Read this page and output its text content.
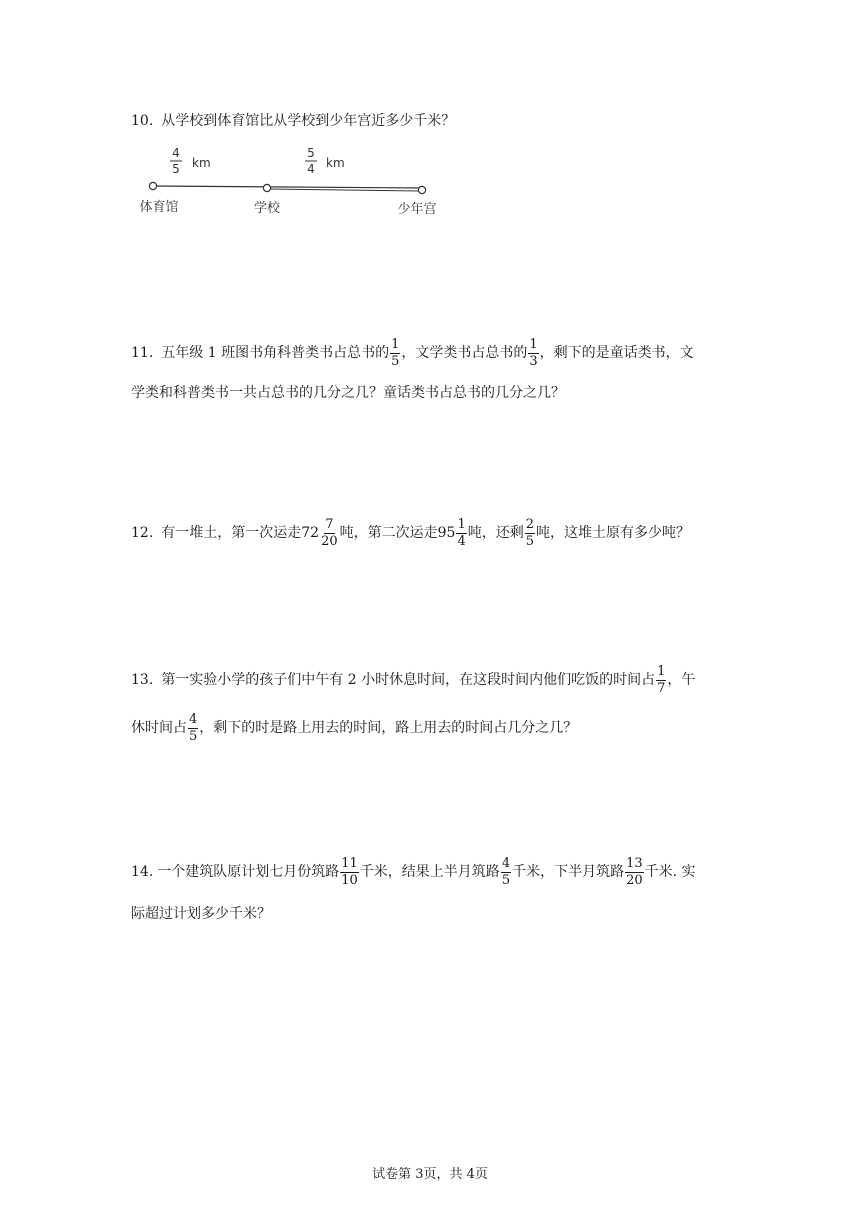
10. 从学校到体育馆比从学校到少年宫近多少千米？
4
5 km
5
4 km
体育馆	学校	少年宫
11. 五年级 1 班图书角科普类书占总书的 $\frac{1}{5}$ ，文学类书占总书的 $\frac{1}{3}$ ，剩下的是童话类书，文
学类和科普类书一共占总书的几分之几？童话类书占总书的几分之几？
12. 有一堆土，第一次运走 $72 \frac{7}{20}$ 吨，第二次运走 $95 \frac{1}{4}$ 吨，还剩 $\frac{2}{5}$ 吨，这堆土原有多少吨？
13. 第一实验小学的孩子们中午有 2 小时休息时间，在这段时间内他们吃饭的时间占 $\frac{1}{7}$ ，午
休时间占 $\frac{4}{5}$ ，剩下的时是路上用去的时间，路上用去的时间占几分之几？
14. 一个建筑队原计划七月份筑路 $\frac{11}{10}$ 千米，结果上半月筑路 $\frac{4}{5}$ 千米，下半月筑路 $\frac{13}{20}$ 千米. 实
际超过计划多少千米？
试卷第 3页，共 4页
